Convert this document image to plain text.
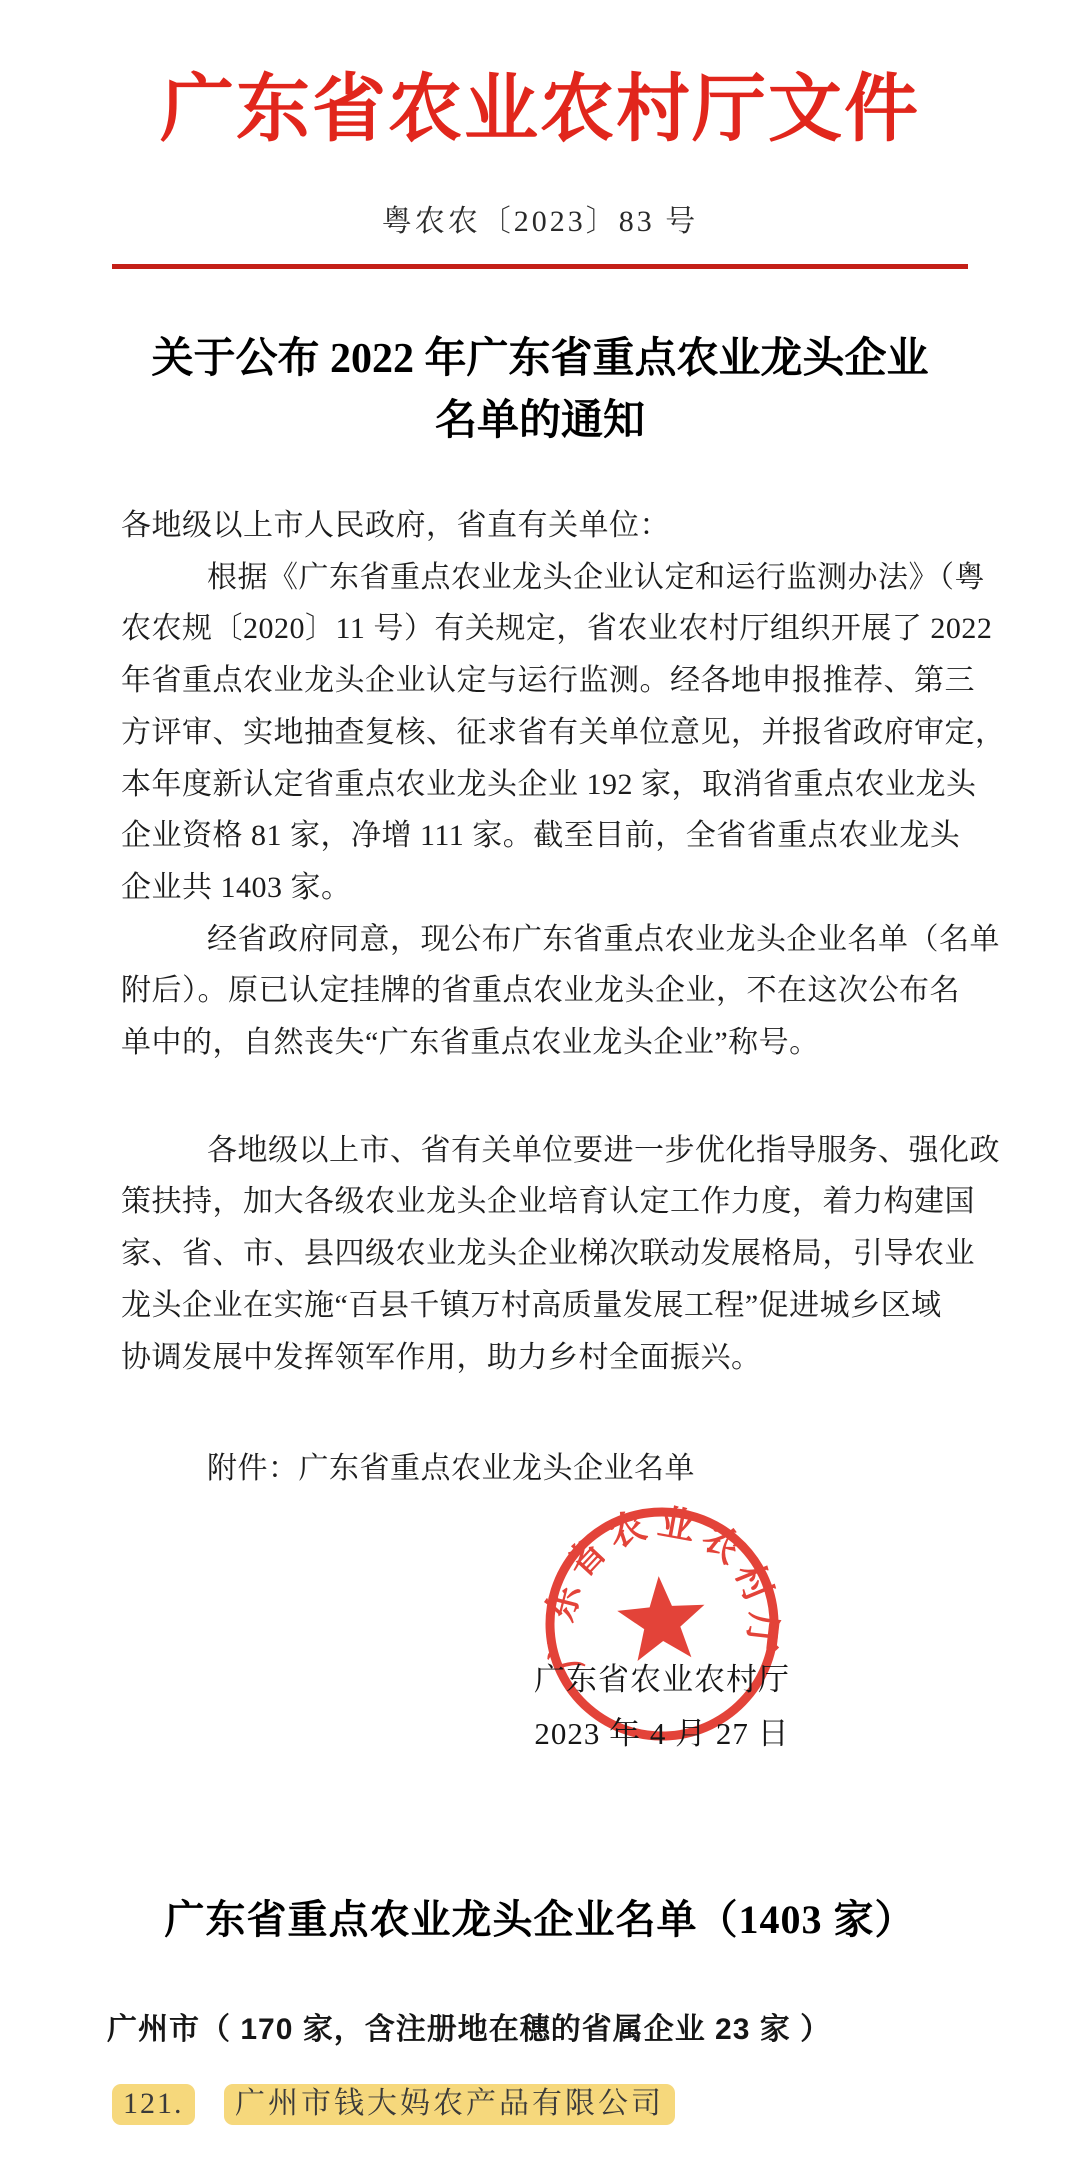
广东省农业农村厅文件
粤农农〔2023〕83 号
关于公布 2022 年广东省重点农业龙头企业
名单的通知
各地级以上市人民政府，省直有关单位：
根据《广东省重点农业龙头企业认定和运行监测办法》（粤
农农规〔2020〕11 号）有关规定，省农业农村厅组织开展了 2022
年省重点农业龙头企业认定与运行监测。经各地申报推荐、第三
方评审、实地抽查复核、征求省有关单位意见，并报省政府审定，
本年度新认定省重点农业龙头企业 192 家，取消省重点农业龙头
企业资格 81 家，净增 111 家。截至目前，全省省重点农业龙头
企业共 1403 家。
经省政府同意，现公布广东省重点农业龙头企业名单（名单
附后）。原已认定挂牌的省重点农业龙头企业，不在这次公布名
单中的，自然丧失“广东省重点农业龙头企业”称号。
各地级以上市、省有关单位要进一步优化指导服务、强化政
策扶持，加大各级农业龙头企业培育认定工作力度，着力构建国
家、省、市、县四级农业龙头企业梯次联动发展格局，引导农业
龙头企业在实施“百县千镇万村高质量发展工程”促进城乡区域
协调发展中发挥领军作用，助力乡村全面振兴。
附件：广东省重点农业龙头企业名单
广东省农业农村厅
广东省农业农村厅
2023 年 4 月 27 日
广东省重点农业龙头企业名单（1403 家）
广州市（ 170 家，含注册地在穗的省属企业 23 家 ）
121. 广州市钱大妈农产品有限公司
